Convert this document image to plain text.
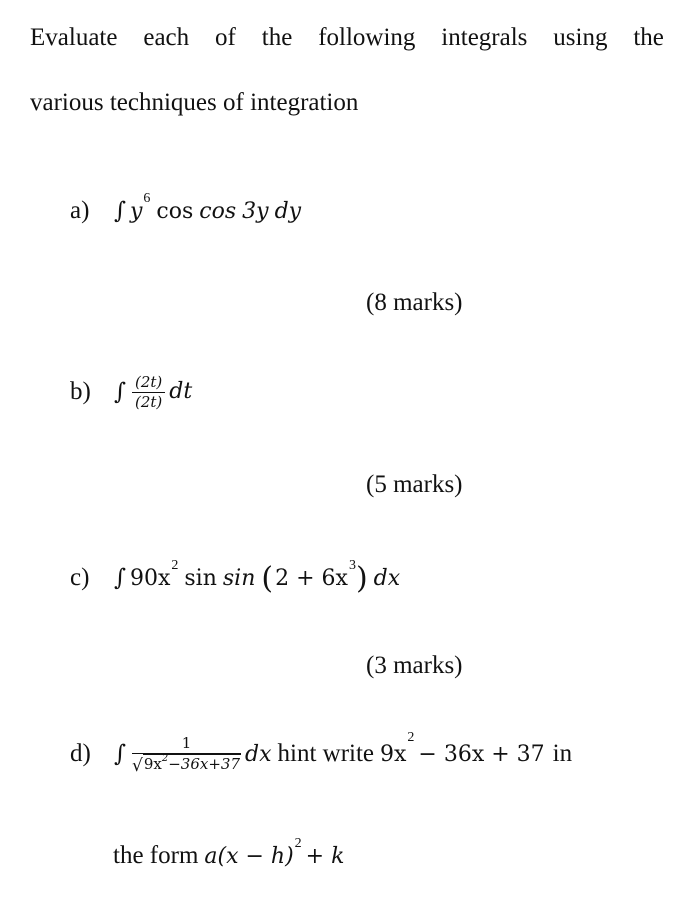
Evaluate each of the following integrals using the
various techniques of integration
a)	∫ y
6
cos cos 3y dy
(8 marks)
b)	∫ $\frac{(2t)}{(2t)}$ dt
(5 marks)
c)	∫ 90x
2
sin sin ( 2 + 6x
3 ) dx
(3 marks)
d)	∫ $\frac{1}{√ 9x^2-36x+37}$ dx hint write 9x
2
− 36x + 37 in
the form a(x − h)
2
+ k
